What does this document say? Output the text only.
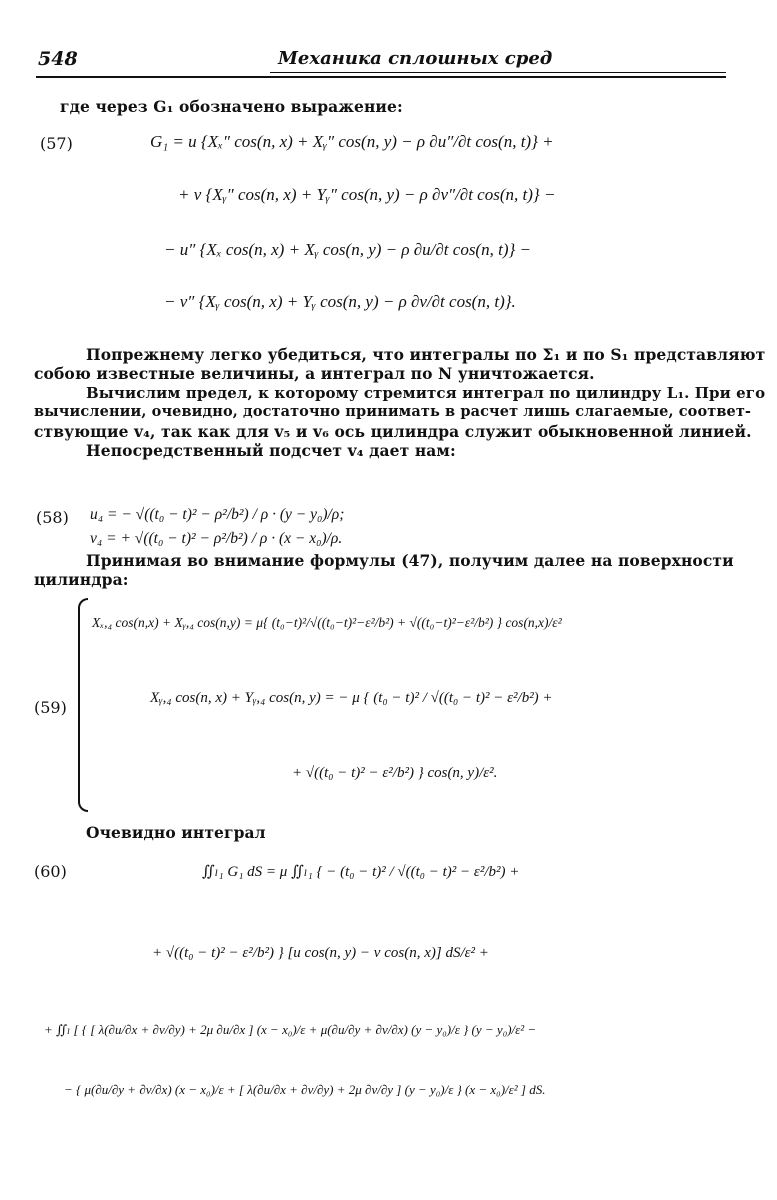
548	Механика сплошных сред
где через G₁ обозначено выражение:
(57)	G₁ = u {Xₓ″ cos(n, x) + Xᵧ″ cos(n, y) − ρ ∂u″/∂t cos(n, t)} +
+ v {Xᵧ″ cos(n, x) + Yᵧ″ cos(n, y) − ρ ∂v″/∂t cos(n, t)} −
− u″ {Xₓ cos(n, x) + Xᵧ cos(n, y) − ρ ∂u/∂t cos(n, t)} −
− v″ {Xᵧ cos(n, x) + Yᵧ cos(n, y) − ρ ∂v/∂t cos(n, t)}.
Попрежнему легко убедиться, что интегралы по Σ₁ и по S₁ представляют
собою известные величины, а интеграл по N уничтожается.
Вычислим предел, к которому стремится интеграл по цилиндру L₁. При его
вычислении, очевидно, достаточно принимать в расчет лишь слагаемые, соответ-
ствующие v₄, так как для v₅ и v₆ ось цилиндра служит обыкновенной линией.
Непосредственный подсчет v₄ дает нам:
(58) u₄ = − √((t₀ − t)² − ρ²/b²) / ρ · (y − y₀)/ρ;
v₄ = + √((t₀ − t)² − ρ²/b²) / ρ · (x − x₀)/ρ.
Принимая во внимание формулы (47), получим далее на поверхности
цилиндра:
(59)
Xₓ,₄ cos(n,x) + Xᵧ,₄ cos(n,y) = μ{ (t₀−t)²/√((t₀−t)²−ε²/b²) + √((t₀−t)²−ε²/b²) } cos(n,x)/ε²
Xᵧ,₄ cos(n, x) + Yᵧ,₄ cos(n, y) = − μ { (t₀ − t)² / √((t₀ − t)² − ε²/b²) +
+ √((t₀ − t)² − ε²/b²) } cos(n, y)/ε².
Очевидно интеграл
(60)	∬ₗ₁ G₁ dS = μ ∬ₗ₁ { − (t₀ − t)² / √((t₀ − t)² − ε²/b²) +
+ √((t₀ − t)² − ε²/b²) } [u cos(n, y) − v cos(n, x)] dS/ε² +
+ ∬ₗ [ { [ λ(∂u/∂x + ∂v/∂y) + 2μ ∂u/∂x ] (x − x₀)/ε + μ(∂u/∂y + ∂v/∂x) (y − y₀)/ε } (y − y₀)/ε² −
− { μ(∂u/∂y + ∂v/∂x) (x − x₀)/ε + [ λ(∂u/∂x + ∂v/∂y) + 2μ ∂v/∂y ] (y − y₀)/ε } (x − x₀)/ε² ] dS.
